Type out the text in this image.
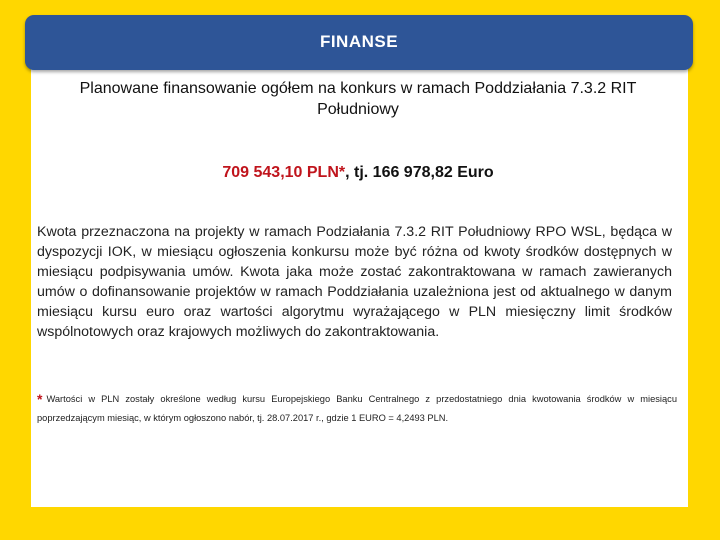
FINANSE
Planowane finansowanie ogółem na konkurs w ramach Poddziałania 7.3.2 RIT Południowy
709 543,10 PLN*, tj. 166 978,82 Euro
Kwota przeznaczona na projekty w ramach Podziałania 7.3.2 RIT Południowy RPO WSL, będąca w dyspozycji IOK, w miesiącu ogłoszenia konkursu może być różna od kwoty środków dostępnych w miesiącu podpisywania umów. Kwota jaka może zostać zakontraktowana w ramach zawieranych umów o dofinansowanie projektów w ramach Poddziałania uzależniona jest od aktualnego w danym miesiącu kursu euro oraz wartości algorytmu wyrażającego w PLN miesięczny limit środków wspólnotowych oraz krajowych możliwych do zakontraktowania.
* Wartości w PLN zostały określone według kursu Europejskiego Banku Centralnego z przedostatniego dnia kwotowania środków w miesiącu poprzedzającym miesiąc, w którym ogłoszono nabór, tj. 28.07.2017 r., gdzie 1 EURO = 4,2493 PLN.
